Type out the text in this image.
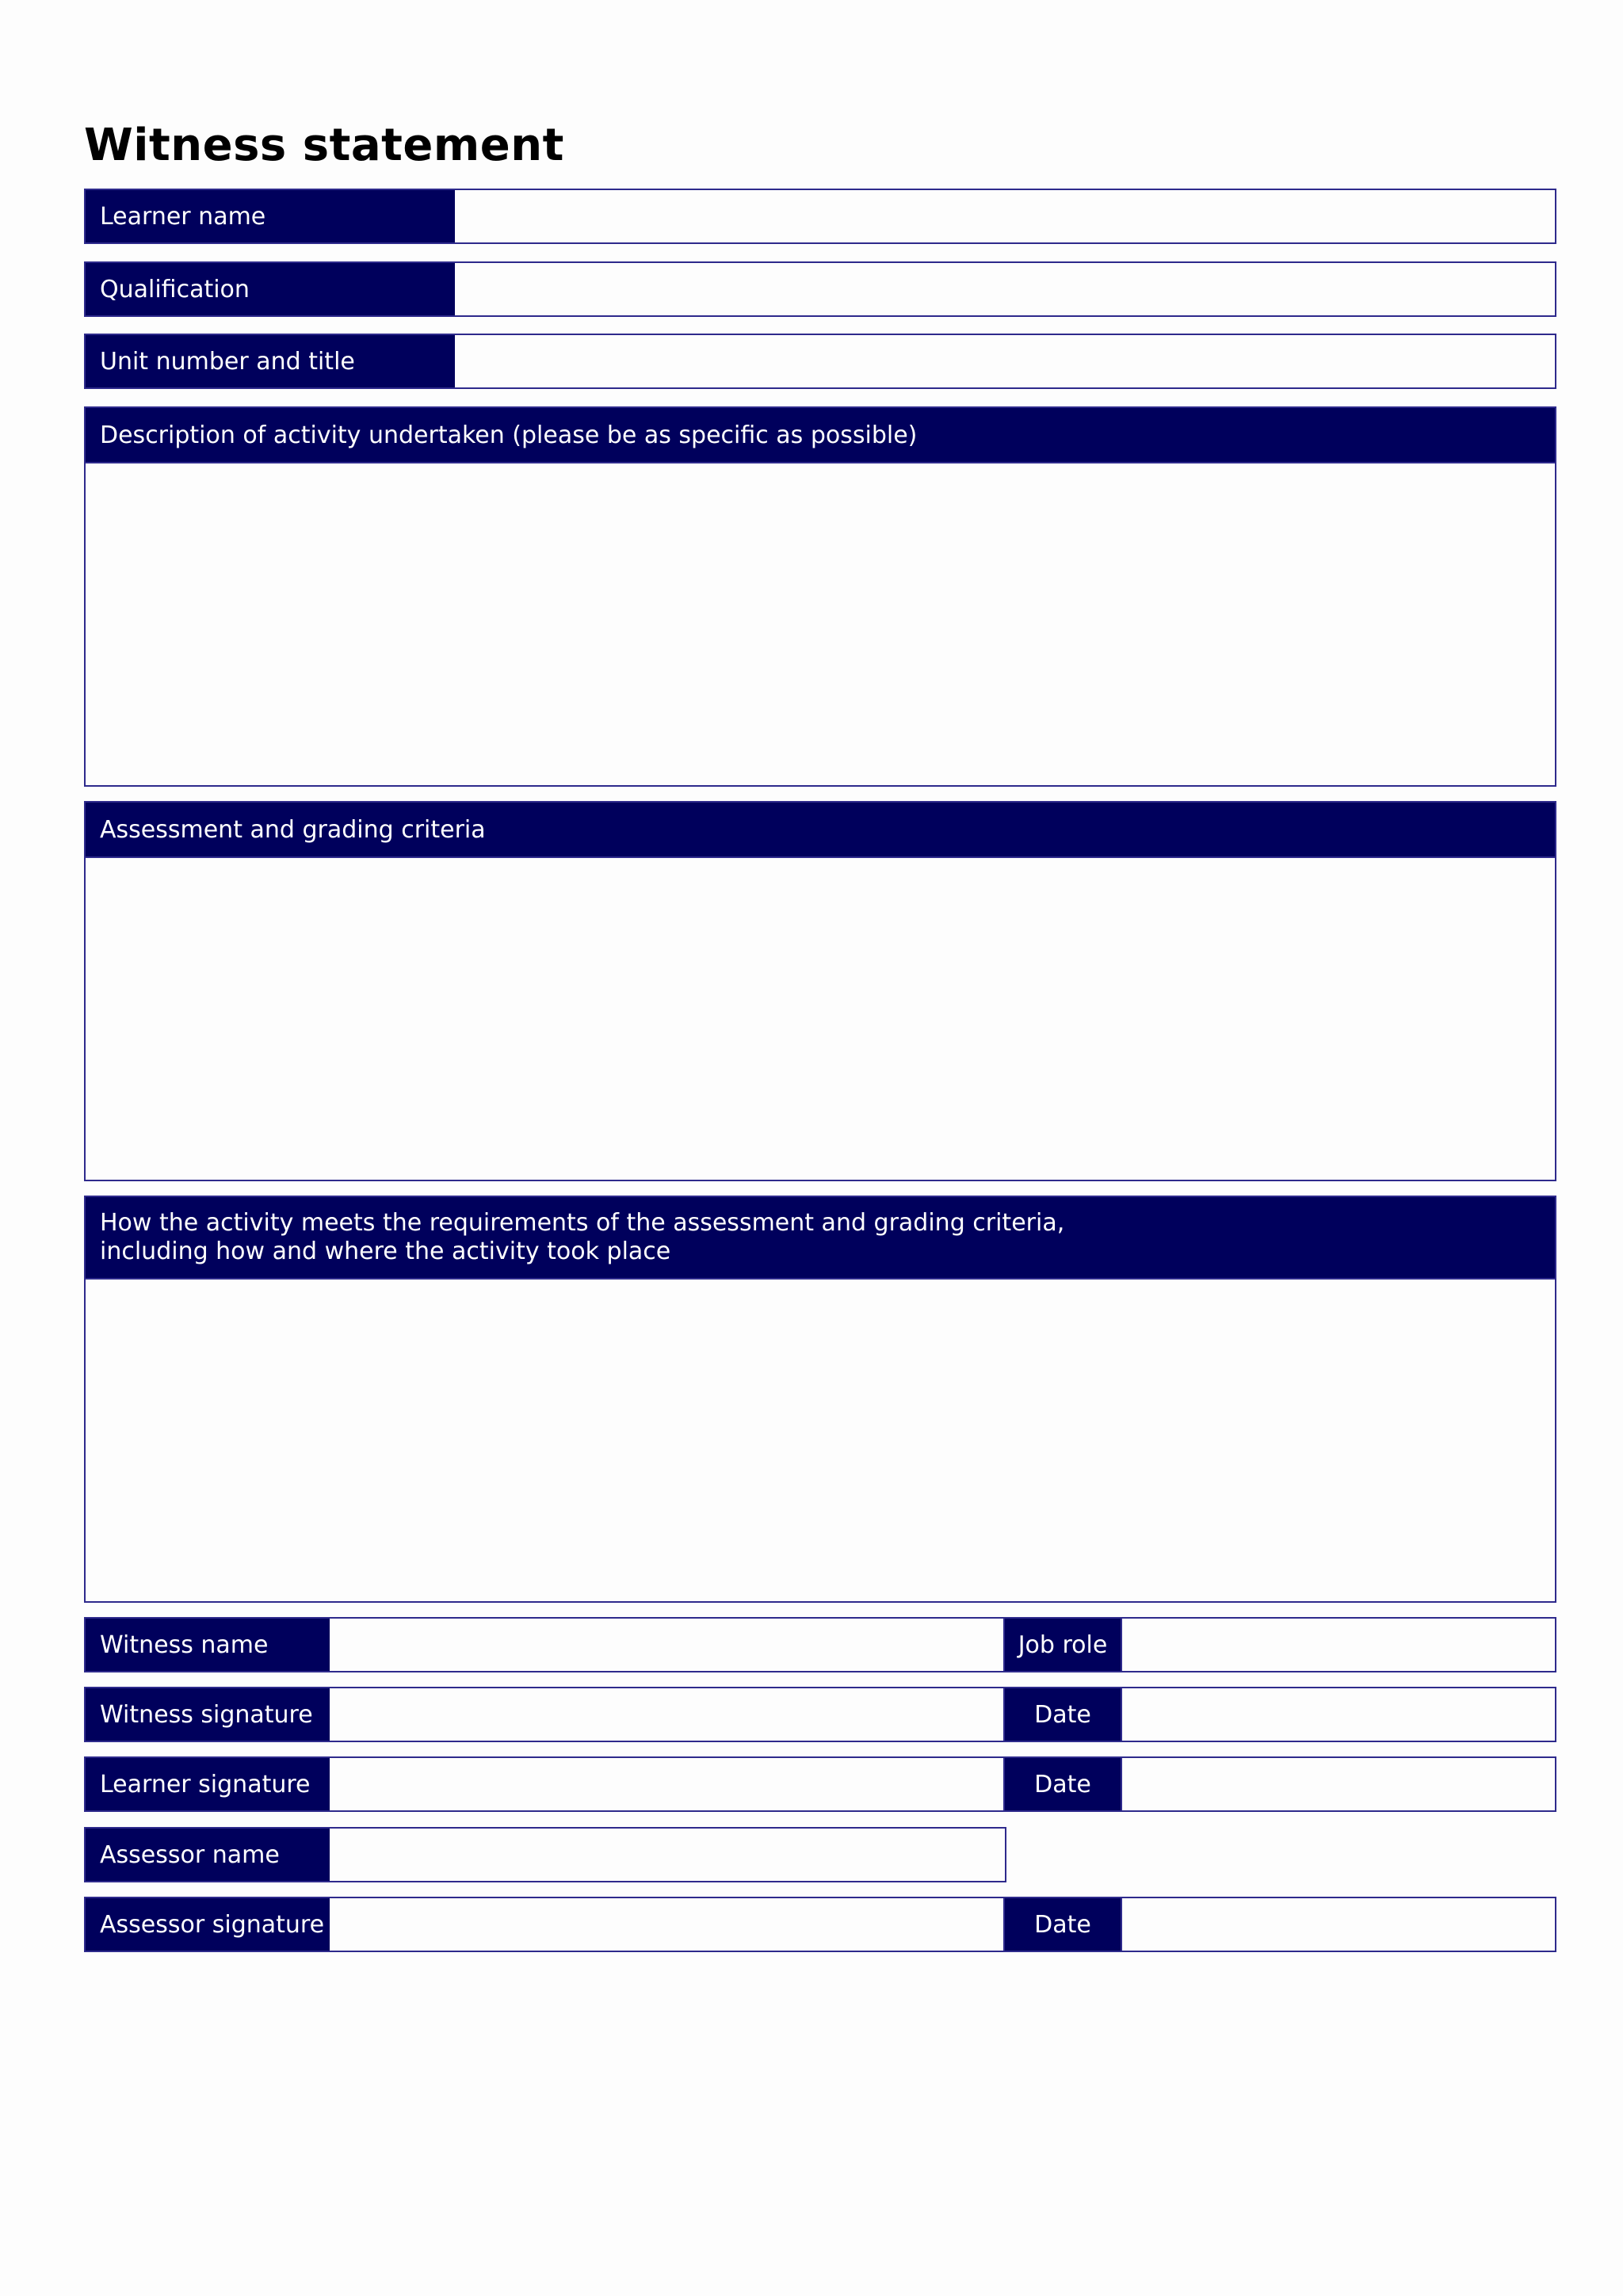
Witness statement
Learner name
Qualification
Unit number and title
Description of activity undertaken (please be as specific as possible)
Assessment and grading criteria
How the activity meets the requirements of the assessment and grading criteria,
including how and where the activity took place
Witness name	Job role
Witness signature	Date
Learner signature	Date
Assessor name
Assessor signature	Date
